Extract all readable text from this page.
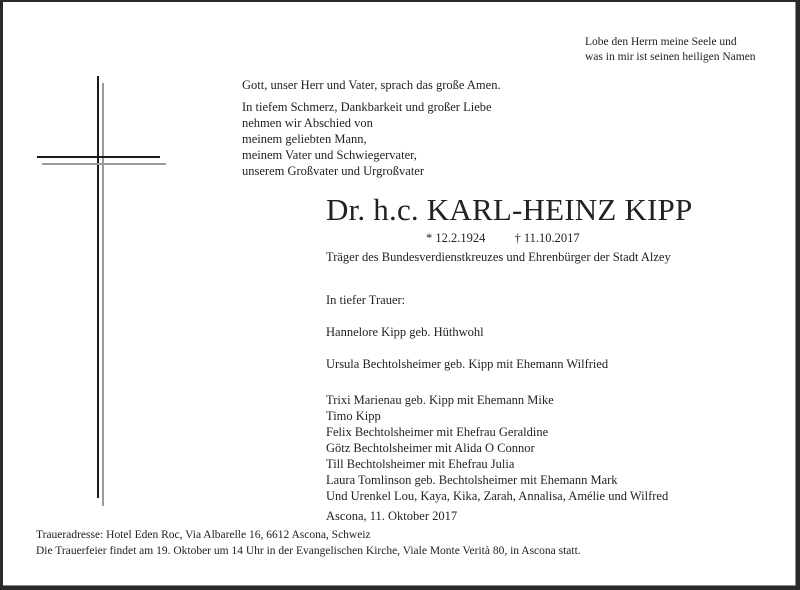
Lobe den Herrn meine Seele und
was in mir ist seinen heiligen Namen

Gott, unser Herr und Vater, sprach das große Amen.

In tiefem Schmerz, Dankbarkeit und großer Liebe

nehmen wir Abschied von

meinem geliebten Mann,

meinem Vater und Schwiegervater,

unserem Großvater und Urgroßvater

Dr. h.c. KARL-HEINZ KIPP
* 12.2.1924 † 11.10.2017
Träger des Bundesverdienstkreuzes und Ehrenbürger der Stadt Alzey
In tiefer Trauer:
Hannelore Kipp geb. Hüthwohl
Ursula Bechtolsheimer geb. Kipp mit Ehemann Wilfried
Trixi Marienau geb. Kipp mit Ehemann Mike
Timo Kipp
Felix Bechtolsheimer mit Ehefrau Geraldine
Götz Bechtolsheimer mit Alida O Connor
Till Bechtolsheimer mit Ehefrau Julia
Laura Tomlinson geb. Bechtolsheimer mit Ehemann Mark
Und Urenkel Lou, Kaya, Kika, Zarah, Annalisa, Amélie und Wilfred
Ascona, 11. Oktober 2017
Traueradresse: Hotel Eden Roc, Via Albarelle 16, 6612 Ascona, Schweiz
Die Trauerfeier findet am 19. Oktober um 14 Uhr in der Evangelischen Kirche, Viale Monte Verità 80, in Ascona statt.
